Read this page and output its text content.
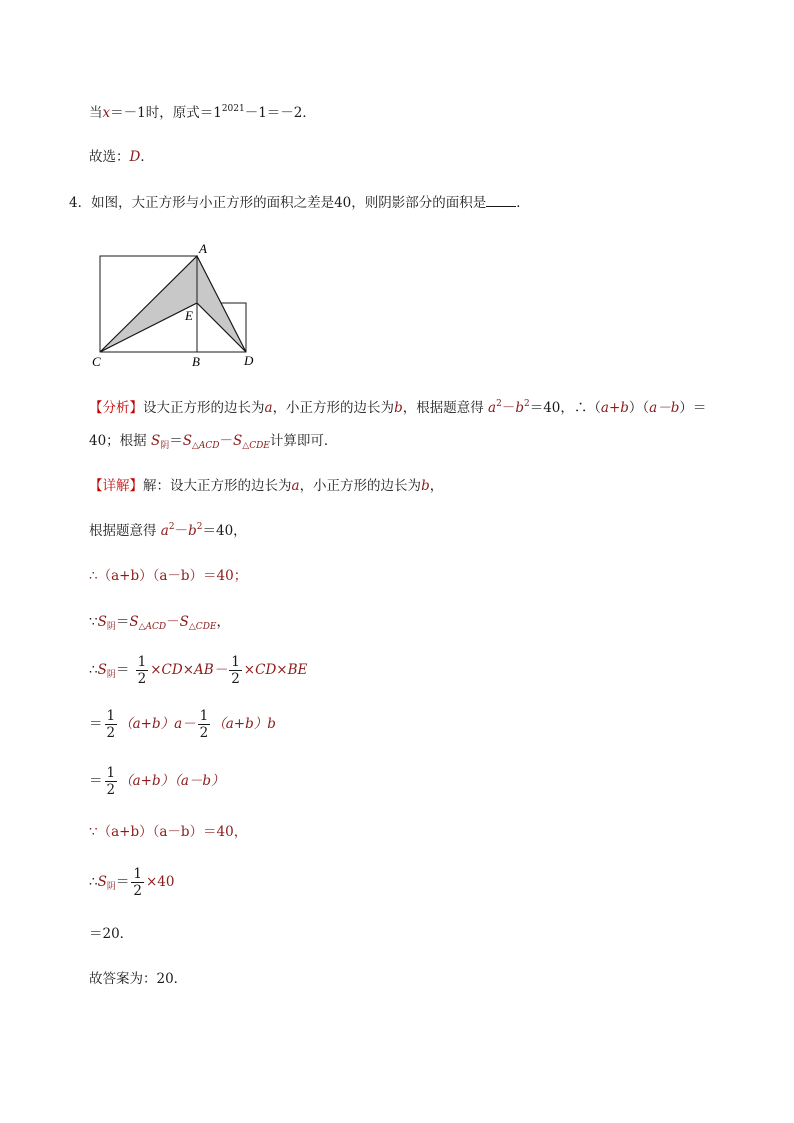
当x＝－1时，原式$=1^{2021}-1=-2$．
故选：D．
4．如图，大正方形与小正方形的面积之差是40，则阴影部分的面积是 ．
A
E
C	B	D
【分析】设大正方形的边长为a，小正方形的边长为b，根据题意得 $a^2-b^2=40$，∴（a+b）（a－b）＝
40；根据 $S_阴=S_{\triangle ACD}-S_{\triangle CDE}$计算即可．
【详解】解：设大正方形的边长为a，小正方形的边长为b，
根据题意得 $a^2-b^2=40$，
∴（a+b）（a－b）＝40；
$\because S_阴=S_{\triangle ACD}-S_{\triangle CDE}$，
$\therefore S_阴= \frac{1}{2} \times CD\times AB- \frac{1}{2} \times CD\times BE$
＝ $\frac{1}{2} (a+b)a- \frac{1}{2} (a+b)b$
＝ $\frac{1}{2} (a+b)(a-b)$
∵（a+b）（a－b）＝40，
$\therefore S_阴= \frac{1}{2} \times 40$
＝20．
故答案为：20．
